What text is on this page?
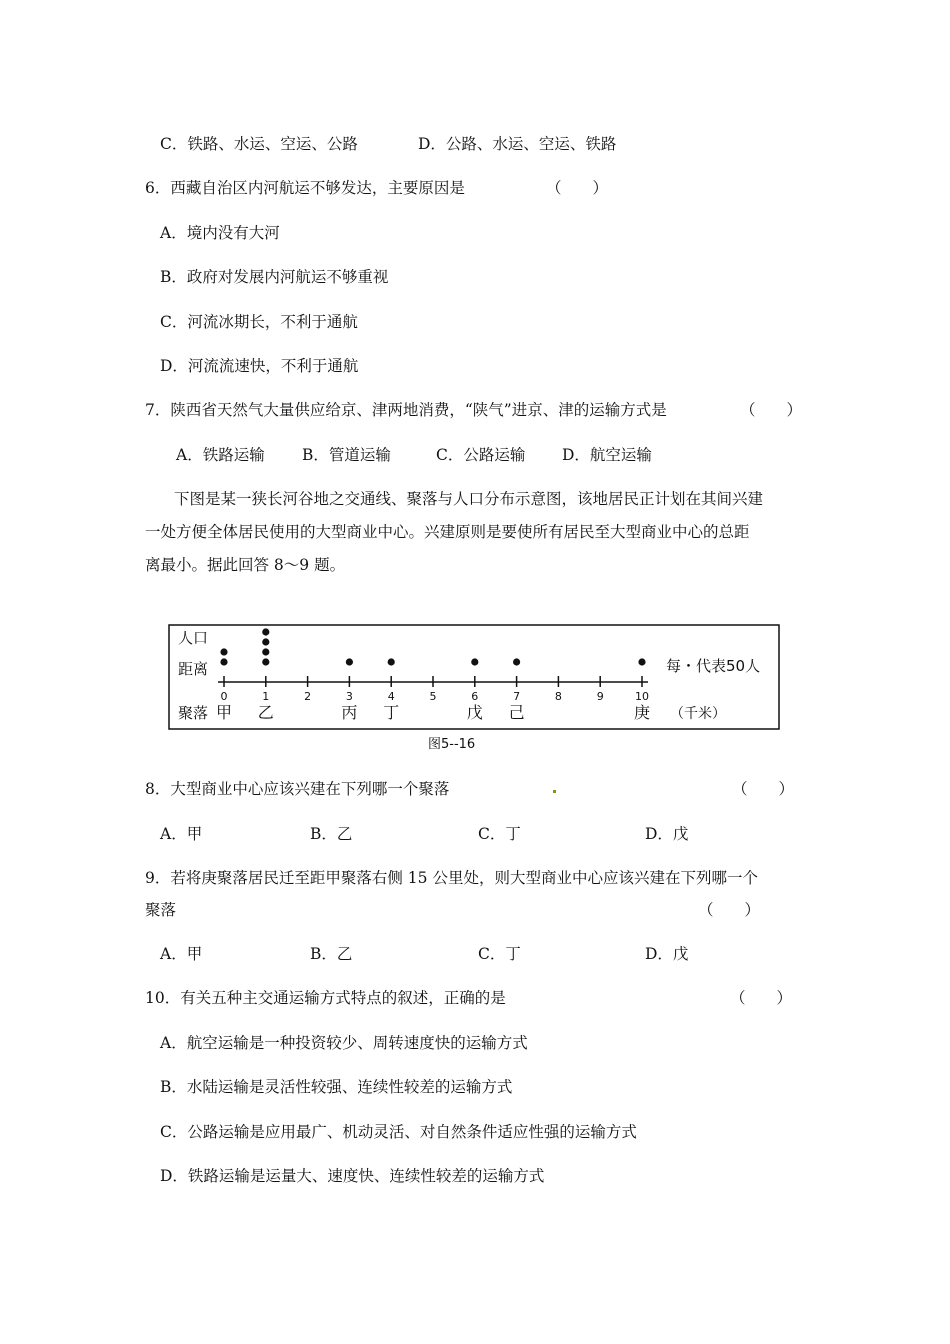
C．铁路、水运、空运、公路	D．公路、水运、空运、铁路
6．西藏自治区内河航运不够发达，主要原因是	（　　）
A．境内没有大河
B．政府对发展内河航运不够重视
C．河流冰期长，不利于通航
D．河流流速快，不利于通航
7．陕西省天然气大量供应给京、津两地消费，“陕气”进京、津的运输方式是	（　　）
A．铁路运输 B．管道运输	C．公路运输 D．航空运输
下图是某一狭长河谷地之交通线、聚落与人口分布示意图，该地居民正计划在其间兴建
一处方便全体居民使用的大型商业中心。兴建原则是要使所有居民至大型商业中心的总距
离最小。据此回答 8～9 题。
人口
距离
聚落
每・代表50人
（千米）
0	1	2	3	4	5	6	7	8	9	10
甲 乙	丙 丁	戊 己	庚
图5--16
8．大型商业中心应该兴建在下列哪一个聚落	（　　）
A．甲	B．乙	C．丁	D．戊
9．若将庚聚落居民迁至距甲聚落右侧 15 公里处，则大型商业中心应该兴建在下列哪一个
聚落	（　　）
A．甲	B．乙	C．丁	D．戊
10．有关五种主交通运输方式特点的叙述，正确的是	（　　）
A．航空运输是一种投资较少、周转速度快的运输方式
B．水陆运输是灵活性较强、连续性较差的运输方式
C．公路运输是应用最广、机动灵活、对自然条件适应性强的运输方式
D．铁路运输是运量大、速度快、连续性较差的运输方式
